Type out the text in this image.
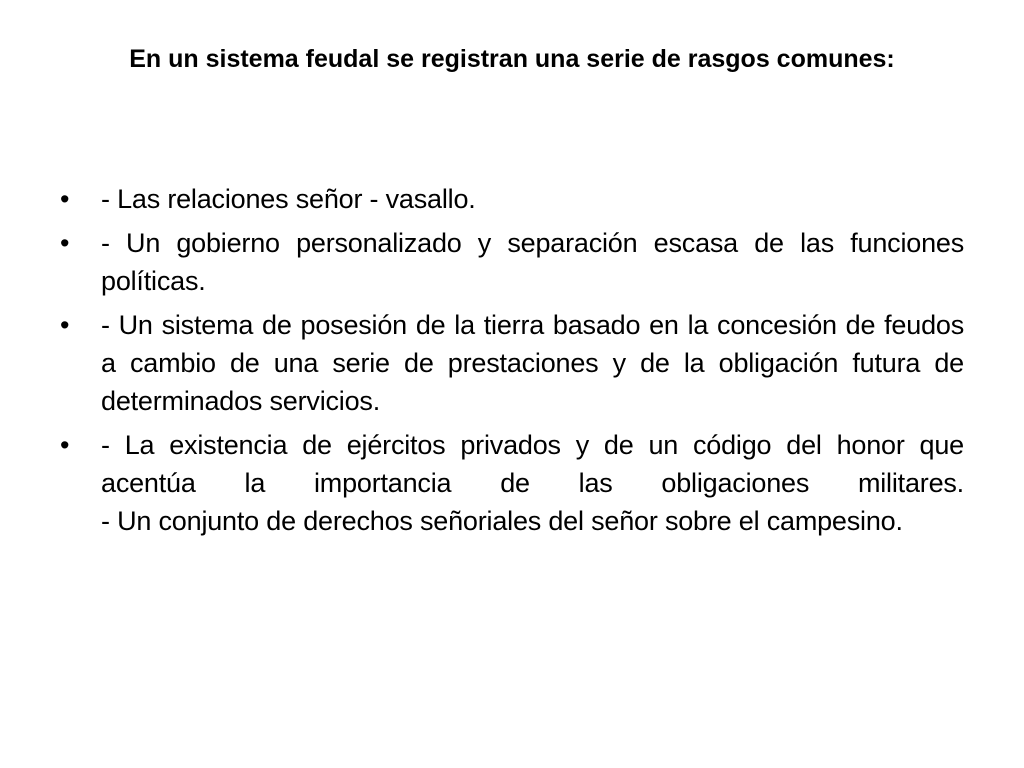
En un sistema feudal se registran una serie de rasgos comunes:
•	- Las relaciones señor - vasallo.
•	- Un gobierno personalizado y separación escasa de las funciones políticas.
•	- Un sistema de posesión de la tierra basado en la concesión de feudos a cambio de una serie de prestaciones y de la obligación futura de determinados servicios.
•	- La existencia de ejércitos privados y de un código del honor que acentúa la importancia de las obligaciones militares.
- Un conjunto de derechos señoriales del señor sobre el campesino.
